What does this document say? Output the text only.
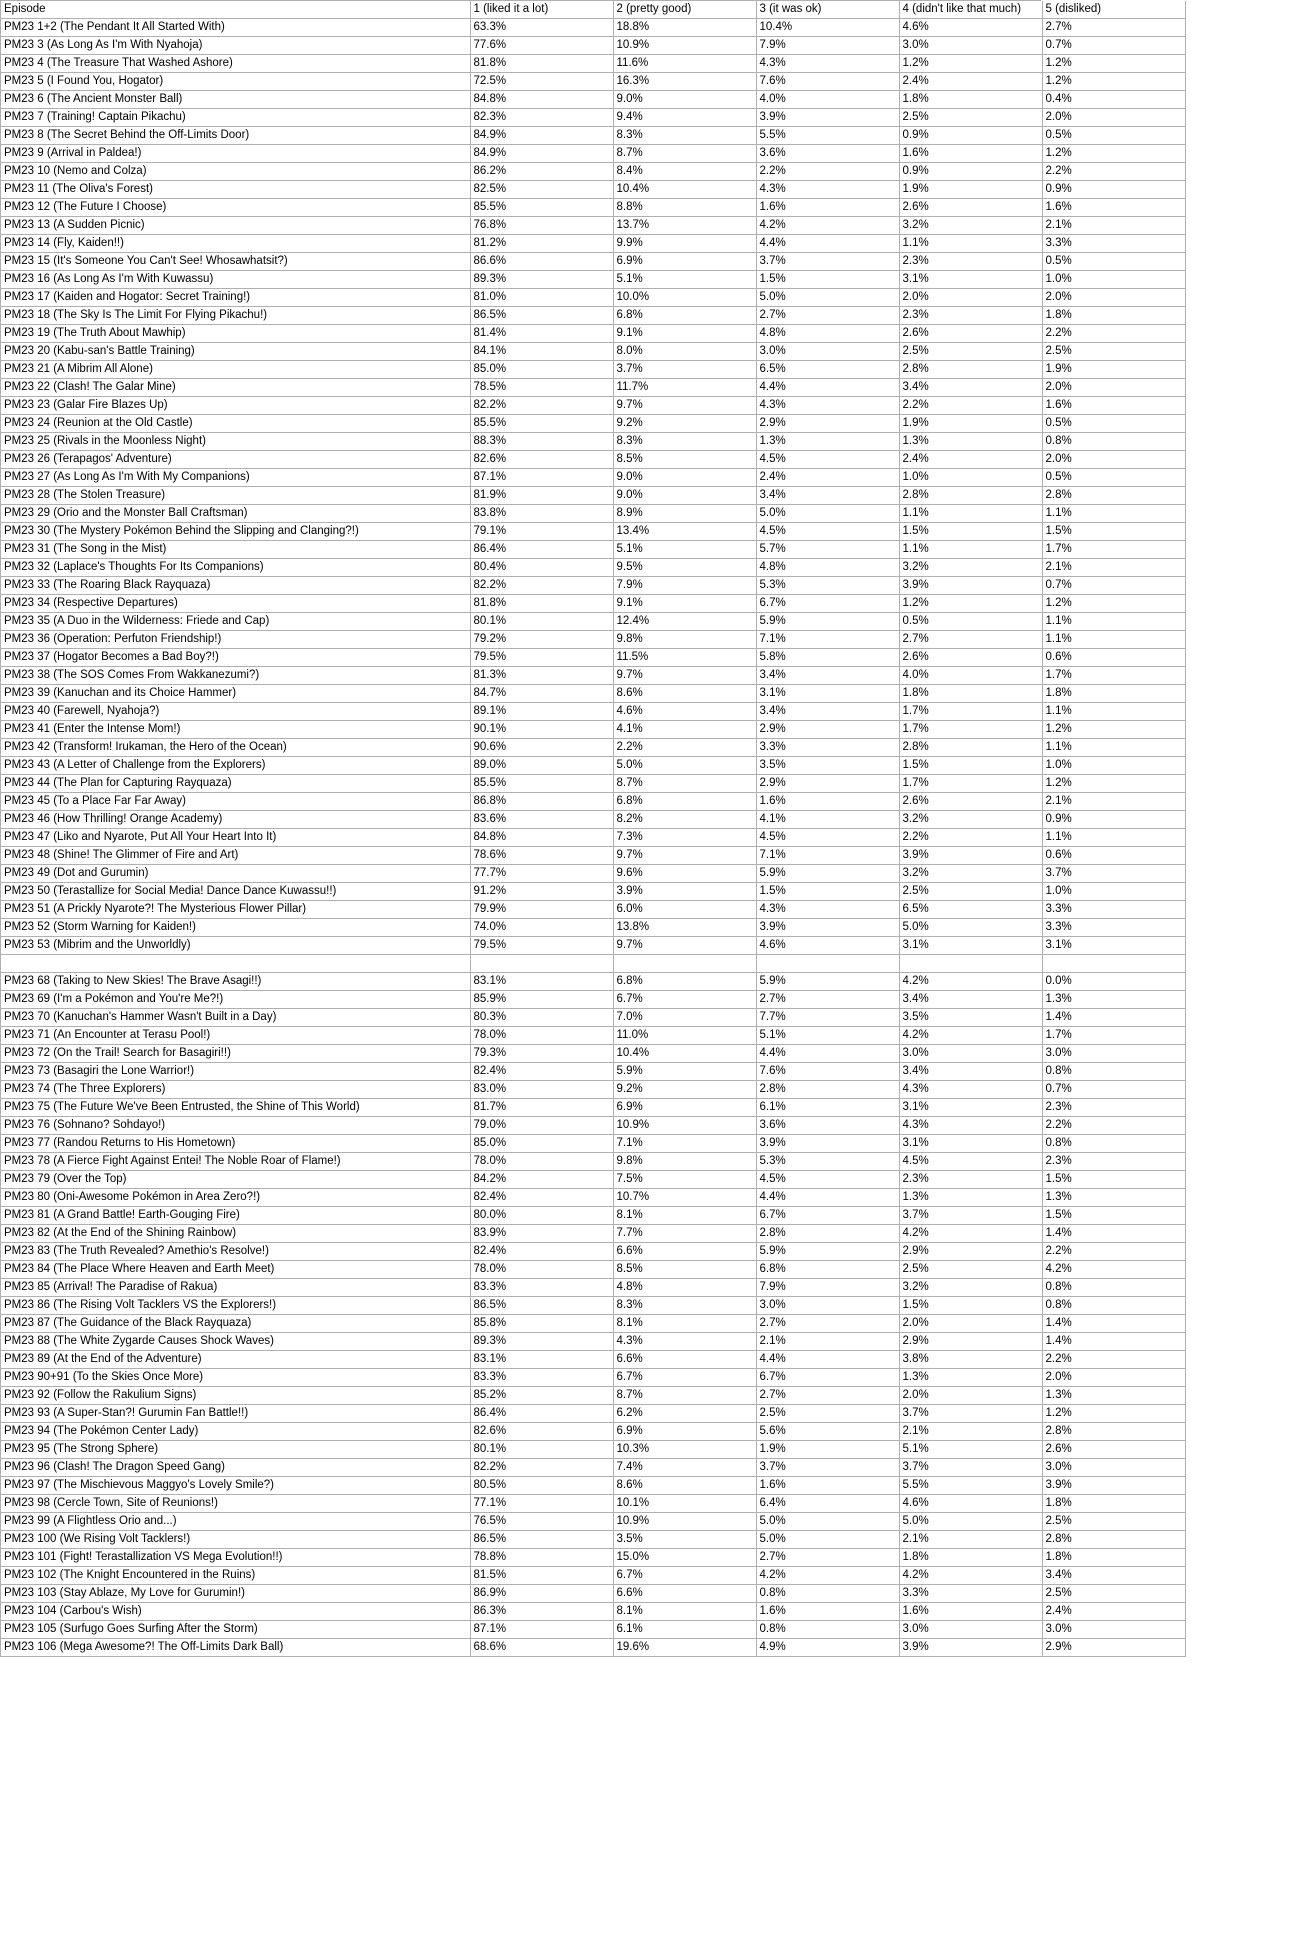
Episode	1 (liked it a lot)	2 (pretty good)	3 (it was ok)	4 (didn't like that much)	5 (disliked)
PM23 1+2 (The Pendant It All Started With)	63.3%	18.8%	10.4%	4.6%	2.7%
PM23 3 (As Long As I'm With Nyahoja)	77.6%	10.9%	7.9%	3.0%	0.7%
PM23 4 (The Treasure That Washed Ashore)	81.8%	11.6%	4.3%	1.2%	1.2%
PM23 5 (I Found You, Hogator)	72.5%	16.3%	7.6%	2.4%	1.2%
PM23 6 (The Ancient Monster Ball)	84.8%	9.0%	4.0%	1.8%	0.4%
PM23 7 (Training! Captain Pikachu)	82.3%	9.4%	3.9%	2.5%	2.0%
PM23 8 (The Secret Behind the Off-Limits Door)	84.9%	8.3%	5.5%	0.9%	0.5%
PM23 9 (Arrival in Paldea!)	84.9%	8.7%	3.6%	1.6%	1.2%
PM23 10 (Nemo and Colza)	86.2%	8.4%	2.2%	0.9%	2.2%
PM23 11 (The Oliva's Forest)	82.5%	10.4%	4.3%	1.9%	0.9%
PM23 12 (The Future I Choose)	85.5%	8.8%	1.6%	2.6%	1.6%
PM23 13 (A Sudden Picnic)	76.8%	13.7%	4.2%	3.2%	2.1%
PM23 14 (Fly, Kaiden!!)	81.2%	9.9%	4.4%	1.1%	3.3%
PM23 15 (It's Someone You Can't See! Whosawhatsit?)	86.6%	6.9%	3.7%	2.3%	0.5%
PM23 16 (As Long As I'm With Kuwassu)	89.3%	5.1%	1.5%	3.1%	1.0%
PM23 17 (Kaiden and Hogator: Secret Training!)	81.0%	10.0%	5.0%	2.0%	2.0%
PM23 18 (The Sky Is The Limit For Flying Pikachu!)	86.5%	6.8%	2.7%	2.3%	1.8%
PM23 19 (The Truth About Mawhip)	81.4%	9.1%	4.8%	2.6%	2.2%
PM23 20 (Kabu-san's Battle Training)	84.1%	8.0%	3.0%	2.5%	2.5%
PM23 21 (A Mibrim All Alone)	85.0%	3.7%	6.5%	2.8%	1.9%
PM23 22 (Clash! The Galar Mine)	78.5%	11.7%	4.4%	3.4%	2.0%
PM23 23 (Galar Fire Blazes Up)	82.2%	9.7%	4.3%	2.2%	1.6%
PM23 24 (Reunion at the Old Castle)	85.5%	9.2%	2.9%	1.9%	0.5%
PM23 25 (Rivals in the Moonless Night)	88.3%	8.3%	1.3%	1.3%	0.8%
PM23 26 (Terapagos' Adventure)	82.6%	8.5%	4.5%	2.4%	2.0%
PM23 27 (As Long As I'm With My Companions)	87.1%	9.0%	2.4%	1.0%	0.5%
PM23 28 (The Stolen Treasure)	81.9%	9.0%	3.4%	2.8%	2.8%
PM23 29 (Orio and the Monster Ball Craftsman)	83.8%	8.9%	5.0%	1.1%	1.1%
PM23 30 (The Mystery Pokémon Behind the Slipping and Clanging?!)	79.1%	13.4%	4.5%	1.5%	1.5%
PM23 31 (The Song in the Mist)	86.4%	5.1%	5.7%	1.1%	1.7%
PM23 32 (Laplace's Thoughts For Its Companions)	80.4%	9.5%	4.8%	3.2%	2.1%
PM23 33 (The Roaring Black Rayquaza)	82.2%	7.9%	5.3%	3.9%	0.7%
PM23 34 (Respective Departures)	81.8%	9.1%	6.7%	1.2%	1.2%
PM23 35 (A Duo in the Wilderness: Friede and Cap)	80.1%	12.4%	5.9%	0.5%	1.1%
PM23 36 (Operation: Perfuton Friendship!)	79.2%	9.8%	7.1%	2.7%	1.1%
PM23 37 (Hogator Becomes a Bad Boy?!)	79.5%	11.5%	5.8%	2.6%	0.6%
PM23 38 (The SOS Comes From Wakkanezumi?)	81.3%	9.7%	3.4%	4.0%	1.7%
PM23 39 (Kanuchan and its Choice Hammer)	84.7%	8.6%	3.1%	1.8%	1.8%
PM23 40 (Farewell, Nyahoja?)	89.1%	4.6%	3.4%	1.7%	1.1%
PM23 41 (Enter the Intense Mom!)	90.1%	4.1%	2.9%	1.7%	1.2%
PM23 42 (Transform! Irukaman, the Hero of the Ocean)	90.6%	2.2%	3.3%	2.8%	1.1%
PM23 43 (A Letter of Challenge from the Explorers)	89.0%	5.0%	3.5%	1.5%	1.0%
PM23 44 (The Plan for Capturing Rayquaza)	85.5%	8.7%	2.9%	1.7%	1.2%
PM23 45 (To a Place Far Far Away)	86.8%	6.8%	1.6%	2.6%	2.1%
PM23 46 (How Thrilling! Orange Academy)	83.6%	8.2%	4.1%	3.2%	0.9%
PM23 47 (Liko and Nyarote, Put All Your Heart Into It)	84.8%	7.3%	4.5%	2.2%	1.1%
PM23 48 (Shine! The Glimmer of Fire and Art)	78.6%	9.7%	7.1%	3.9%	0.6%
PM23 49 (Dot and Gurumin)	77.7%	9.6%	5.9%	3.2%	3.7%
PM23 50 (Terastallize for Social Media! Dance Dance Kuwassu!!)	91.2%	3.9%	1.5%	2.5%	1.0%
PM23 51 (A Prickly Nyarote?! The Mysterious Flower Pillar)	79.9%	6.0%	4.3%	6.5%	3.3%
PM23 52 (Storm Warning for Kaiden!)	74.0%	13.8%	3.9%	5.0%	3.3%
PM23 53 (Mibrim and the Unworldly)	79.5%	9.7%	4.6%	3.1%	3.1%

PM23 68 (Taking to New Skies! The Brave Asagi!!)	83.1%	6.8%	5.9%	4.2%	0.0%
PM23 69 (I'm a Pokémon and You're Me?!)	85.9%	6.7%	2.7%	3.4%	1.3%
PM23 70 (Kanuchan's Hammer Wasn't Built in a Day)	80.3%	7.0%	7.7%	3.5%	1.4%
PM23 71 (An Encounter at Terasu Pool!)	78.0%	11.0%	5.1%	4.2%	1.7%
PM23 72 (On the Trail! Search for Basagiri!!)	79.3%	10.4%	4.4%	3.0%	3.0%
PM23 73 (Basagiri the Lone Warrior!)	82.4%	5.9%	7.6%	3.4%	0.8%
PM23 74 (The Three Explorers)	83.0%	9.2%	2.8%	4.3%	0.7%
PM23 75 (The Future We've Been Entrusted, the Shine of This World)	81.7%	6.9%	6.1%	3.1%	2.3%
PM23 76 (Sohnano? Sohdayo!)	79.0%	10.9%	3.6%	4.3%	2.2%
PM23 77 (Randou Returns to His Hometown)	85.0%	7.1%	3.9%	3.1%	0.8%
PM23 78 (A Fierce Fight Against Entei! The Noble Roar of Flame!)	78.0%	9.8%	5.3%	4.5%	2.3%
PM23 79 (Over the Top)	84.2%	7.5%	4.5%	2.3%	1.5%
PM23 80 (Oni-Awesome Pokémon in Area Zero?!)	82.4%	10.7%	4.4%	1.3%	1.3%
PM23 81 (A Grand Battle! Earth-Gouging Fire)	80.0%	8.1%	6.7%	3.7%	1.5%
PM23 82 (At the End of the Shining Rainbow)	83.9%	7.7%	2.8%	4.2%	1.4%
PM23 83 (The Truth Revealed? Amethio's Resolve!)	82.4%	6.6%	5.9%	2.9%	2.2%
PM23 84 (The Place Where Heaven and Earth Meet)	78.0%	8.5%	6.8%	2.5%	4.2%
PM23 85 (Arrival! The Paradise of Rakua)	83.3%	4.8%	7.9%	3.2%	0.8%
PM23 86 (The Rising Volt Tacklers VS the Explorers!)	86.5%	8.3%	3.0%	1.5%	0.8%
PM23 87 (The Guidance of the Black Rayquaza)	85.8%	8.1%	2.7%	2.0%	1.4%
PM23 88 (The White Zygarde Causes Shock Waves)	89.3%	4.3%	2.1%	2.9%	1.4%
PM23 89 (At the End of the Adventure)	83.1%	6.6%	4.4%	3.8%	2.2%
PM23 90+91 (To the Skies Once More)	83.3%	6.7%	6.7%	1.3%	2.0%
PM23 92 (Follow the Rakulium Signs)	85.2%	8.7%	2.7%	2.0%	1.3%
PM23 93 (A Super-Stan?! Gurumin Fan Battle!!)	86.4%	6.2%	2.5%	3.7%	1.2%
PM23 94 (The Pokémon Center Lady)	82.6%	6.9%	5.6%	2.1%	2.8%
PM23 95 (The Strong Sphere)	80.1%	10.3%	1.9%	5.1%	2.6%
PM23 96 (Clash! The Dragon Speed Gang)	82.2%	7.4%	3.7%	3.7%	3.0%
PM23 97 (The Mischievous Maggyo's Lovely Smile?)	80.5%	8.6%	1.6%	5.5%	3.9%
PM23 98 (Cercle Town, Site of Reunions!)	77.1%	10.1%	6.4%	4.6%	1.8%
PM23 99 (A Flightless Orio and...)	76.5%	10.9%	5.0%	5.0%	2.5%
PM23 100 (We Rising Volt Tacklers!)	86.5%	3.5%	5.0%	2.1%	2.8%
PM23 101 (Fight! Terastallization VS Mega Evolution!!)	78.8%	15.0%	2.7%	1.8%	1.8%
PM23 102 (The Knight Encountered in the Ruins)	81.5%	6.7%	4.2%	4.2%	3.4%
PM23 103 (Stay Ablaze, My Love for Gurumin!)	86.9%	6.6%	0.8%	3.3%	2.5%
PM23 104 (Carbou's Wish)	86.3%	8.1%	1.6%	1.6%	2.4%
PM23 105 (Surfugo Goes Surfing After the Storm)	87.1%	6.1%	0.8%	3.0%	3.0%
PM23 106 (Mega Awesome?! The Off-Limits Dark Ball)	68.6%	19.6%	4.9%	3.9%	2.9%
